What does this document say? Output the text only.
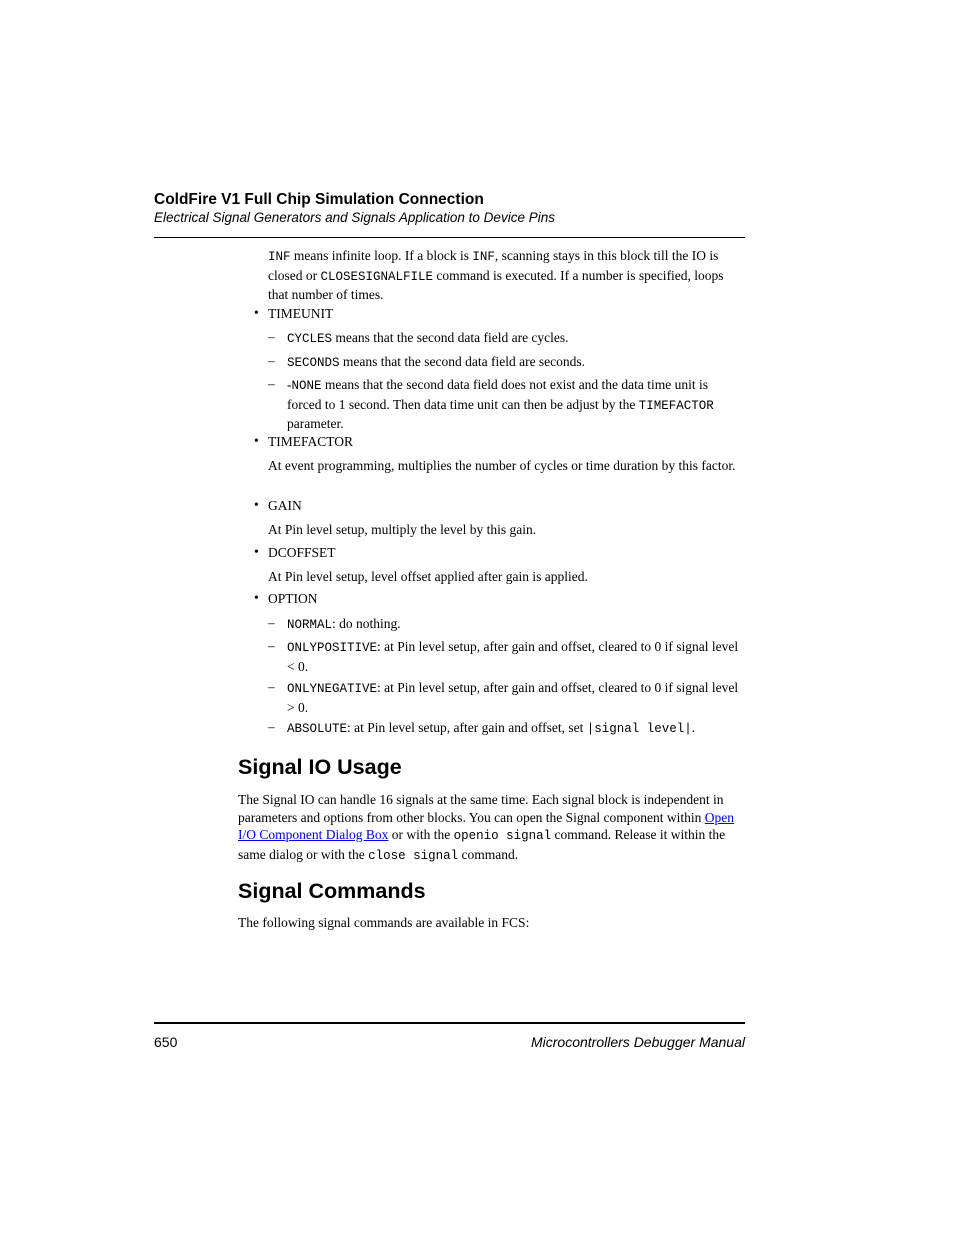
ColdFire V1 Full Chip Simulation Connection
Electrical Signal Generators and Signals Application to Device Pins
INF means infinite loop. If a block is INF, scanning stays in this block till the IO is closed or CLOSESIGNALFILE command is executed. If a number is specified, loops that number of times.
• TIMEUNIT
– CYCLES means that the second data field are cycles.
– SECONDS means that the second data field are seconds.
– -NONE means that the second data field does not exist and the data time unit is forced to 1 second. Then data time unit can then be adjust by the TIMEFACTOR parameter.
• TIMEFACTOR
At event programming, multiplies the number of cycles or time duration by this factor.
• GAIN
At Pin level setup, multiply the level by this gain.
• DCOFFSET
At Pin level setup, level offset applied after gain is applied.
• OPTION
– NORMAL: do nothing.
– ONLYPOSITIVE: at Pin level setup, after gain and offset, cleared to 0 if signal level < 0.
– ONLYNEGATIVE: at Pin level setup, after gain and offset, cleared to 0 if signal level > 0.
– ABSOLUTE: at Pin level setup, after gain and offset, set |signal level|.
Signal IO Usage
The Signal IO can handle 16 signals at the same time. Each signal block is independent in parameters and options from other blocks. You can open the Signal component within Open I/O Component Dialog Box or with the openio signal command. Release it within the same dialog or with the close signal command.
Signal Commands
The following signal commands are available in FCS:
650	Microcontrollers Debugger Manual
